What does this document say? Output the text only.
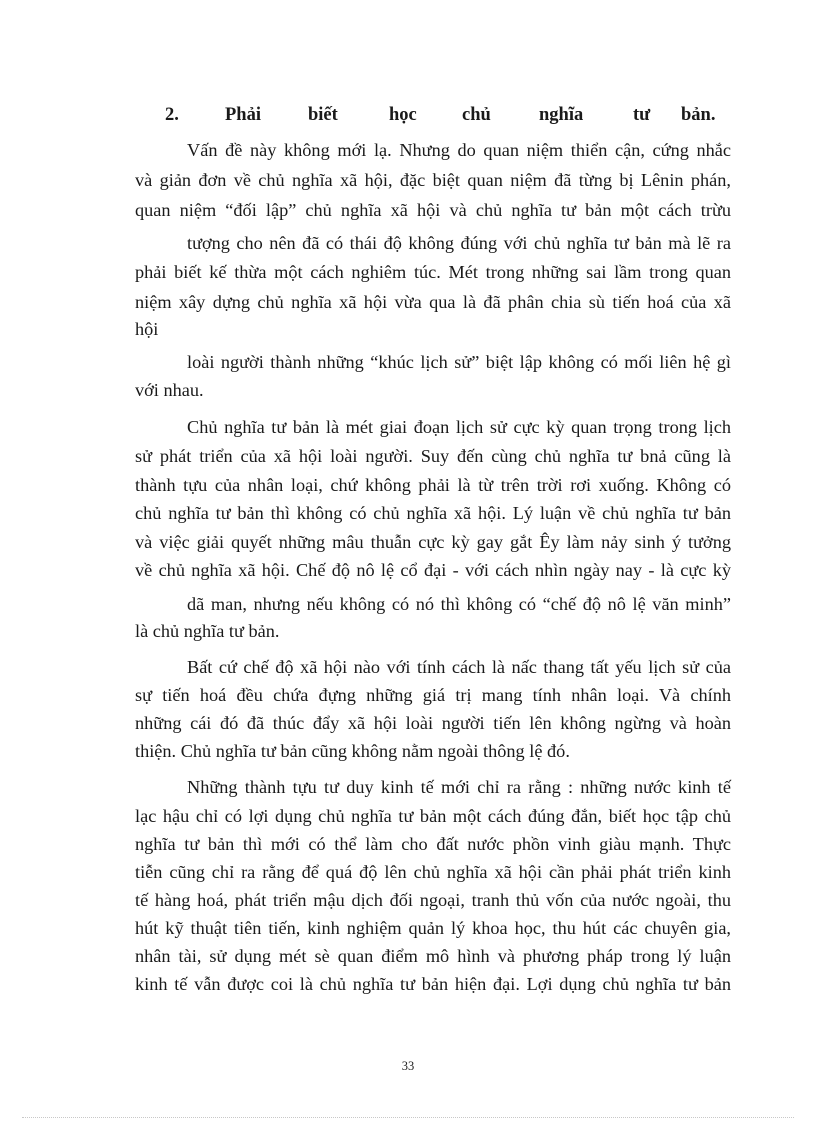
2. Phải	biết	học chủ	nghĩa	tư bản.
Vấn đề này không mới lạ. Nhưng do quan niệm thiển cận, cứng nhắc
và giản đơn về chủ nghĩa xã hội, đặc biệt quan niệm đã từng bị Lênin phán,
quan niệm “đối lập” chủ nghĩa xã hội và chủ nghĩa tư bản một cách trừu
tượng cho nên đã có thái độ không đúng với chủ nghĩa tư bản mà lẽ ra
phải biết kế thừa một cách nghiêm túc. Mét trong những sai lầm trong quan
niệm xây dựng chủ nghĩa xã hội vừa qua là đã phân chia sù tiến hoá của xã
hội
loài người thành những “khúc lịch sử” biệt lập không có mối liên hệ gì
với nhau.
Chủ nghĩa tư bản là mét giai đoạn lịch sử cực kỳ quan trọng trong lịch
sử phát triển của xã hội loài người. Suy đến cùng chủ nghĩa tư bnả cũng là
thành tựu của nhân loại, chứ không phải là từ trên trời rơi xuống. Không có
chủ nghĩa tư bản thì không có chủ nghĩa xã hội. Lý luận về chủ nghĩa tư bản
và việc giải quyết những mâu thuẫn cực kỳ gay gắt Êy làm nảy sinh ý tưởng
về chủ nghĩa xã hội. Chế độ nô lệ cổ đại - với cách nhìn ngày nay - là cực kỳ
dã man, nhưng nếu không có nó thì không có “chế độ nô lệ văn minh”
là chủ nghĩa tư bản.
Bất cứ chế độ xã hội nào với tính cách là nấc thang tất yếu lịch sử của
sự tiến hoá đều chứa đựng những giá trị mang tính nhân loại. Và chính
những cái đó đã thúc đẩy xã hội loài người tiến lên không ngừng và hoàn
thiện. Chủ nghĩa tư bản cũng không nằm ngoài thông lệ đó.
Những thành tựu tư duy kinh tế mới chỉ ra rằng : những nước kinh tế
lạc hậu chỉ có lợi dụng chủ nghĩa tư bản một cách đúng đắn, biết học tập chủ
nghĩa tư bản thì mới có thể làm cho đất nước phồn vinh giàu mạnh. Thực
tiễn cũng chỉ ra rằng để quá độ lên chủ nghĩa xã hội cần phải phát triển kinh
tế hàng hoá, phát triển mậu dịch đối ngoại, tranh thủ vốn của nước ngoài, thu
hút kỹ thuật tiên tiến, kinh nghiệm quản lý khoa học, thu hút các chuyên gia,
nhân tài, sử dụng mét sè quan điểm mô hình và phương pháp trong lý luận
kinh tế vẫn được coi là chủ nghĩa tư bản hiện đại. Lợi dụng chủ nghĩa tư bản
33
